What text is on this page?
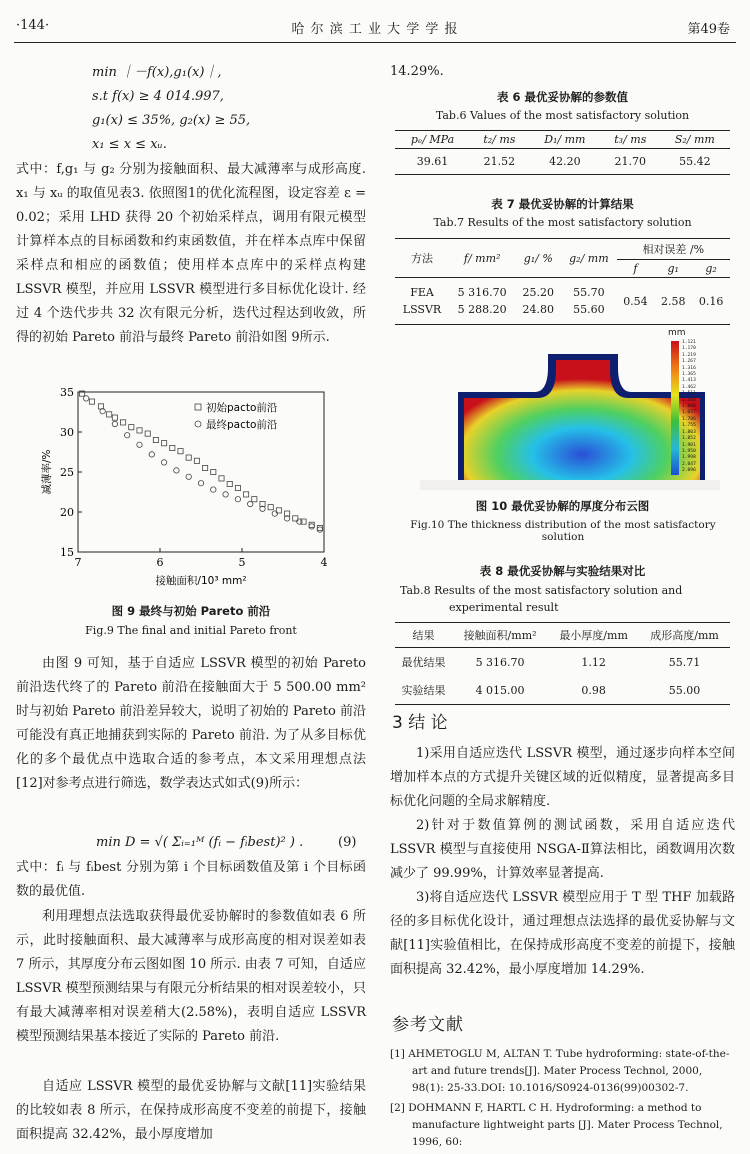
·144·	哈 尔 滨 工 业 大 学 学 报	第49卷
min ｜－f(x),g₁(x)｜,
s.t f(x) ≥ 4 014.997,
g₁(x) ≤ 35%, g₂(x) ≥ 55,
x₁ ≤ x ≤ xᵤ.

式中：f,g₁ 与 g₂ 分别为接触面积、最大减薄率与成形高度. x₁ 与 xᵤ 的取值见表3. 依照图1的优化流程图，设定容差 ε = 0.02；采用 LHD 获得 20 个初始采样点，调用有限元模型计算样本点的目标函数和约束函数值，并在样本点库中保留采样点和相应的函数值；使用样本点库中的采样点构建 LSSVR 模型，并应用 LSSVR 模型进行多目标优化设计. 经过 4 个迭代步共 32 次有限元分析，迭代过程达到收敛，所得的初始 Pareto 前沿与最终 Pareto 前沿如图 9所示.

7	6	5	4
15
20
25
30
35
接触面积/10³ mm²
减薄率/%
初始pacto前沿
最终pacto前沿
图 9 最终与初始 Pareto 前沿
Fig.9 The final and initial Pareto front

由图 9 可知，基于自适应 LSSVR 模型的初始 Pareto 前沿迭代终了的 Pareto 前沿在接触面大于 5 500.00 mm²时与初始 Pareto 前沿差异较大，说明了初始的 Pareto 前沿可能没有真正地捕获到实际的 Pareto 前沿. 为了从多目标优化的多个最优点中选取合适的参考点，本文采用理想点法[12]对参考点进行筛选，数学表达式如式(9)所示：

min D = √( Σᵢ₌₁ᴹ (fᵢ − fᵢbest)² ) .	(9)

式中：fᵢ 与 fᵢbest 分别为第 i 个目标函数值及第 i 个目标函数的最优值.

利用理想点法选取获得最优妥协解时的参数值如表 6 所示，此时接触面积、最大减薄率与成形高度的相对误差如表 7 所示，其厚度分布云图如图 10 所示. 由表 7 可知，自适应 LSSVR 模型预测结果与有限元分析结果的相对误差较小，只有最大减薄率相对误差稍大(2.58%)，表明自适应 LSSVR 模型预测结果基本接近了实际的 Pareto 前沿.

自适应 LSSVR 模型的最优妥协解与文献[11]实验结果的比较如表 8 所示，在保持成形高度不变差的前提下，接触面积提高 32.42%，最小厚度增加

14.29%.

表 6 最优妥协解的参数值
Tab.6 Values of the most satisfactory solution
pₑ/ MPa	t₂/ ms	D₁/ mm	t₃/ ms	S₂/ mm
39.61	21.52	42.20	21.70	55.42
表 7 最优妥协解的计算结果
Tab.7 Results of the most satisfactory solution
方法	f/ mm²	g₁/ %	g₂/ mm	相对误差 /%		
				f	g₁	g₂
FEA	5 316.70	25.20	55.70	0.54	2.58	0.16
LSSVR	5 288.20	24.80	55.60			
mm
1.121
1.170
1.219
1.267
1.316
1.365
1.413
1.462
1.511
1.560
1.608
1.657
1.706
1.755
1.803
1.852
1.901
1.950
1.998
2.047
2.096
图 10 最优妥协解的厚度分布云图
Fig.10 The thickness distribution of the most satisfactory solution
表 8 最优妥协解与实验结果对比
Tab.8 Results of the most satisfactory solution and
experimental result
结果	接触面积/mm²	最小厚度/mm	成形高度/mm
最优结果	5 316.70	1.12	55.71
实验结果	4 015.00	0.98	55.00
3 结 论

1)采用自适应迭代 LSSVR 模型，通过逐步向样本空间增加样本点的方式提升关键区域的近似精度，显著提高多目标优化问题的全局求解精度.

2)针对于数值算例的测试函数，采用自适应迭代 LSSVR 模型与直接使用 NSGA-Ⅱ算法相比，函数调用次数减少了 99.99%，计算效率显著提高.

3)将自适应迭代 LSSVR 模型应用于 T 型 THF 加载路径的多目标优化设计，通过理想点法选择的最优妥协解与文献[11]实验值相比，在保持成形高度不变差的前提下，接触面积提高 32.42%，最小厚度增加 14.29%.

参考文献

[1] AHMETOGLU M, ALTAN T. Tube hydroforming: state-of-the-art and future trends[J]. Mater Process Technol, 2000, 98(1): 25-33.DOI: 10.1016/S0924-0136(99)00302-7.

[2] DOHMANN F, HARTL C H. Hydroforming: a method to manufacture lightweight parts [J]. Mater Process Technol, 1996, 60:
